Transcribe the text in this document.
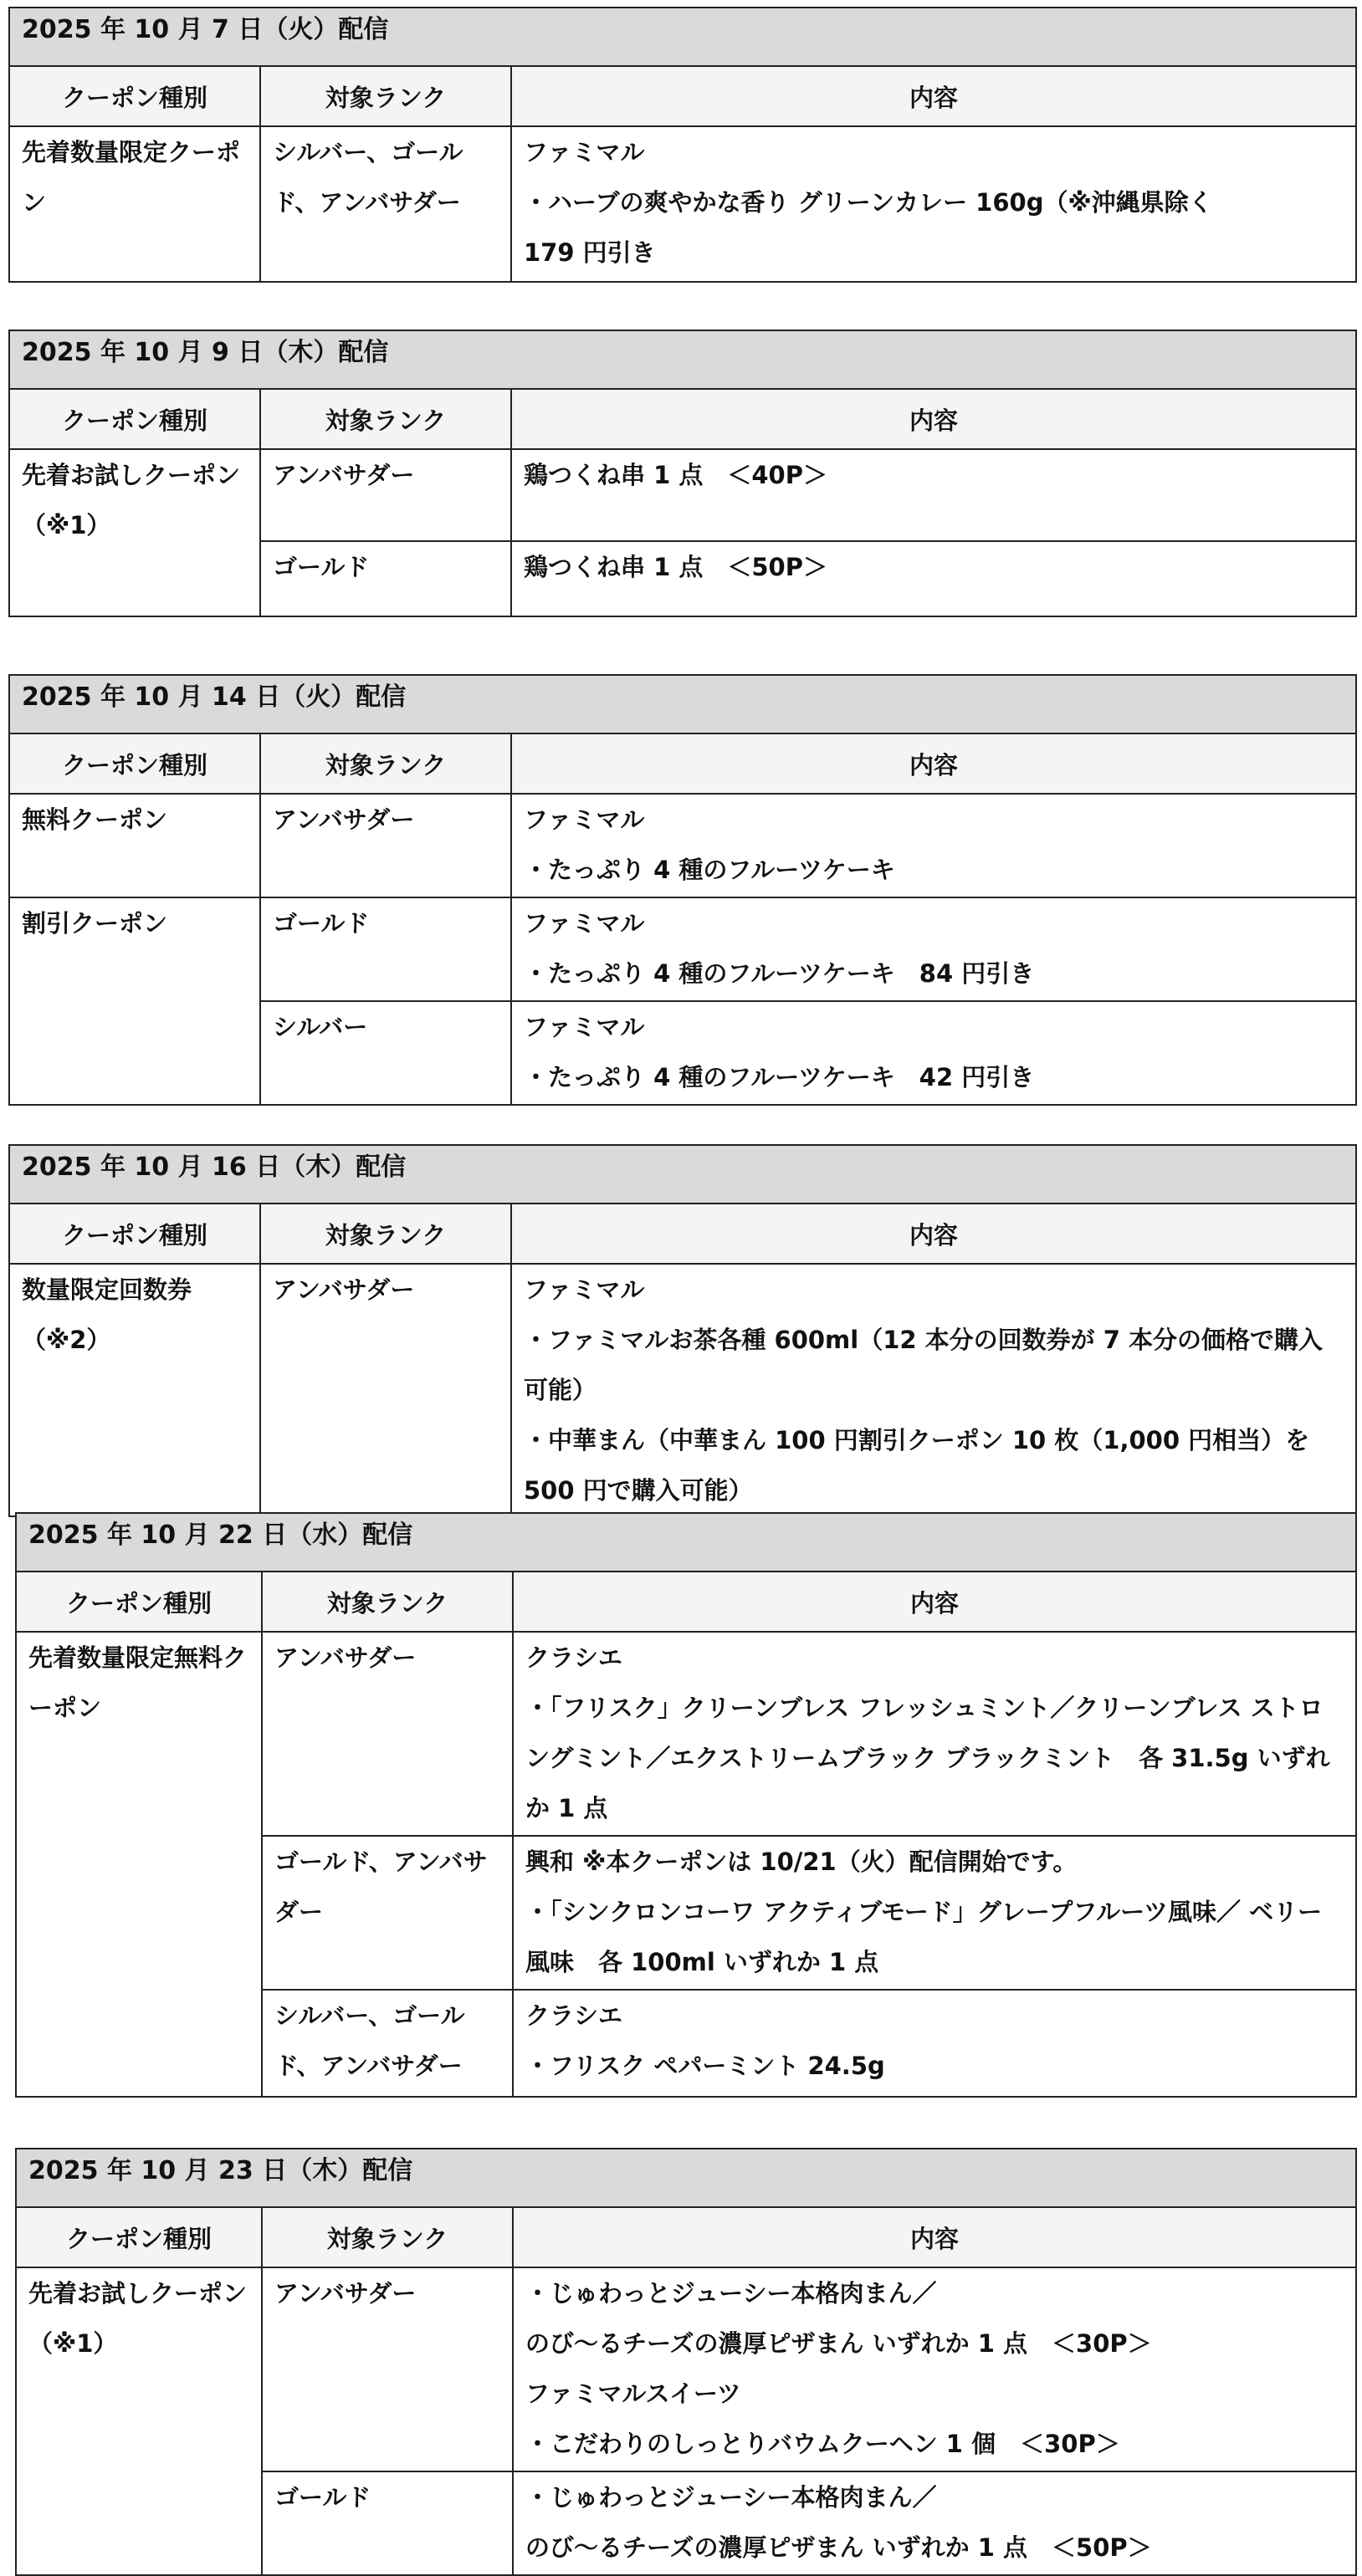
2025 年 10 月 7 日（火）配信		
クーポン種別	対象ランク	内容
先着数量限定クーポン	シルバー、ゴールド、アンバサダー	ファミマル

・ハーブの爽やかな香り グリーンカレー 160g（※沖縄県除く

179 円引き

2025 年 10 月 9 日（木）配信		
クーポン種別	対象ランク	内容
先着お試しクーポン（※1）	アンバサダー	鶏つくね串 1 点　＜40P＞

	ゴールド	鶏つくね串 1 点　＜50P＞

2025 年 10 月 14 日（火）配信		
クーポン種別	対象ランク	内容
無料クーポン	アンバサダー	ファミマル

・たっぷり 4 種のフルーツケーキ

割引クーポン	ゴールド	ファミマル

・たっぷり 4 種のフルーツケーキ　84 円引き

	シルバー	ファミマル

・たっぷり 4 種のフルーツケーキ　42 円引き

2025 年 10 月 16 日（木）配信		
クーポン種別	対象ランク	内容
数量限定回数券（※2）	アンバサダー	ファミマル

・ファミマルお茶各種 600ml（12 本分の回数券が 7 本分の価格で購入可能）

・中華まん（中華まん 100 円割引クーポン 10 枚（1,000 円相当）を 500 円で購入可能）

2025 年 10 月 22 日（水）配信		
クーポン種別	対象ランク	内容
先着数量限定無料クーポン	アンバサダー	クラシエ

・「フリスク」クリーンブレス フレッシュミント／クリーンブレス ストロングミント／エクストリームブラック ブラックミント　各 31.5g いずれか 1 点

	ゴールド、アンバサダー	興和 ※本クーポンは 10/21（火）配信開始です。

・「シンクロンコーワ アクティブモード」グレープフルーツ風味／ ベリー風味　各 100ml いずれか 1 点

	シルバー、ゴールド、アンバサダー	クラシエ

・フリスク ペパーミント 24.5g

2025 年 10 月 23 日（木）配信		
クーポン種別	対象ランク	内容
先着お試しクーポン（※1）	アンバサダー	・じゅわっとジューシー本格肉まん／

のび～るチーズの濃厚ピザまん いずれか 1 点　＜30P＞

ファミマルスイーツ

・こだわりのしっとりバウムクーヘン 1 個　＜30P＞

	ゴールド	・じゅわっとジューシー本格肉まん／

のび～るチーズの濃厚ピザまん いずれか 1 点　＜50P＞
